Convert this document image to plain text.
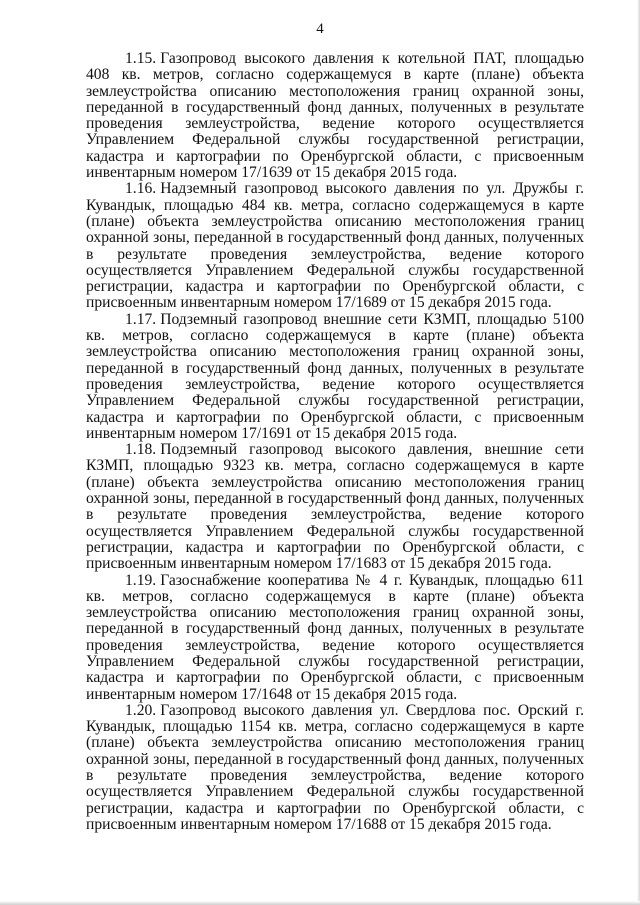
4

1.15. Газопровод высокого давления к котельной ПАТ, площадью 408 кв. метров, согласно содержащемуся в карте (плане) объекта землеустройства описанию местоположения границ охранной зоны, переданной в государственный фонд данных, полученных в результате проведения землеустройства, ведение которого осуществляется Управлением Федеральной службы государственной регистрации, кадастра и картографии по Оренбургской области, с присвоенным инвентарным номером 17/1639 от 15 декабря 2015 года.

1.16. Надземный газопровод высокого давления по ул. Дружбы г. Кувандык, площадью 484 кв. метра, согласно содержащемуся в карте (плане) объекта землеустройства описанию местоположения границ охранной зоны, переданной в государственный фонд данных, полученных в результате проведения землеустройства, ведение которого осуществляется Управлением Федеральной службы государственной регистрации, кадастра и картографии по Оренбургской области, с присвоенным инвентарным номером 17/1689 от 15 декабря 2015 года.

1.17. Подземный газопровод внешние сети КЗМП, площадью 5100 кв. метров, согласно содержащемуся в карте (плане) объекта землеустройства описанию местоположения границ охранной зоны, переданной в государственный фонд данных, полученных в результате проведения землеустройства, ведение которого осуществляется Управлением Федеральной службы государственной регистрации, кадастра и картографии по Оренбургской области, с присвоенным инвентарным номером 17/1691 от 15 декабря 2015 года.

1.18. Подземный газопровод высокого давления, внешние сети КЗМП, площадью 9323 кв. метра, согласно содержащемуся в карте (плане) объекта землеустройства описанию местоположения границ охранной зоны, переданной в государственный фонд данных, полученных в результате проведения землеустройства, ведение которого осуществляется Управлением Федеральной службы государственной регистрации, кадастра и картографии по Оренбургской области, с присвоенным инвентарным номером 17/1683 от 15 декабря 2015 года.

1.19. Газоснабжение кооператива № 4 г. Кувандык, площадью 611 кв. метров, согласно содержащемуся в карте (плане) объекта землеустройства описанию местоположения границ охранной зоны, переданной в государственный фонд данных, полученных в результате проведения землеустройства, ведение которого осуществляется Управлением Федеральной службы государственной регистрации, кадастра и картографии по Оренбургской области, с присвоенным инвентарным номером 17/1648 от 15 декабря 2015 года.

1.20. Газопровод высокого давления ул. Свердлова пос. Орский г. Кувандык, площадью 1154 кв. метра, согласно содержащемуся в карте (плане) объекта землеустройства описанию местоположения границ охранной зоны, переданной в государственный фонд данных, полученных в результате проведения землеустройства, ведение которого осуществляется Управлением Федеральной службы государственной регистрации, кадастра и картографии по Оренбургской области, с присвоенным инвентарным номером 17/1688 от 15 декабря 2015 года.
